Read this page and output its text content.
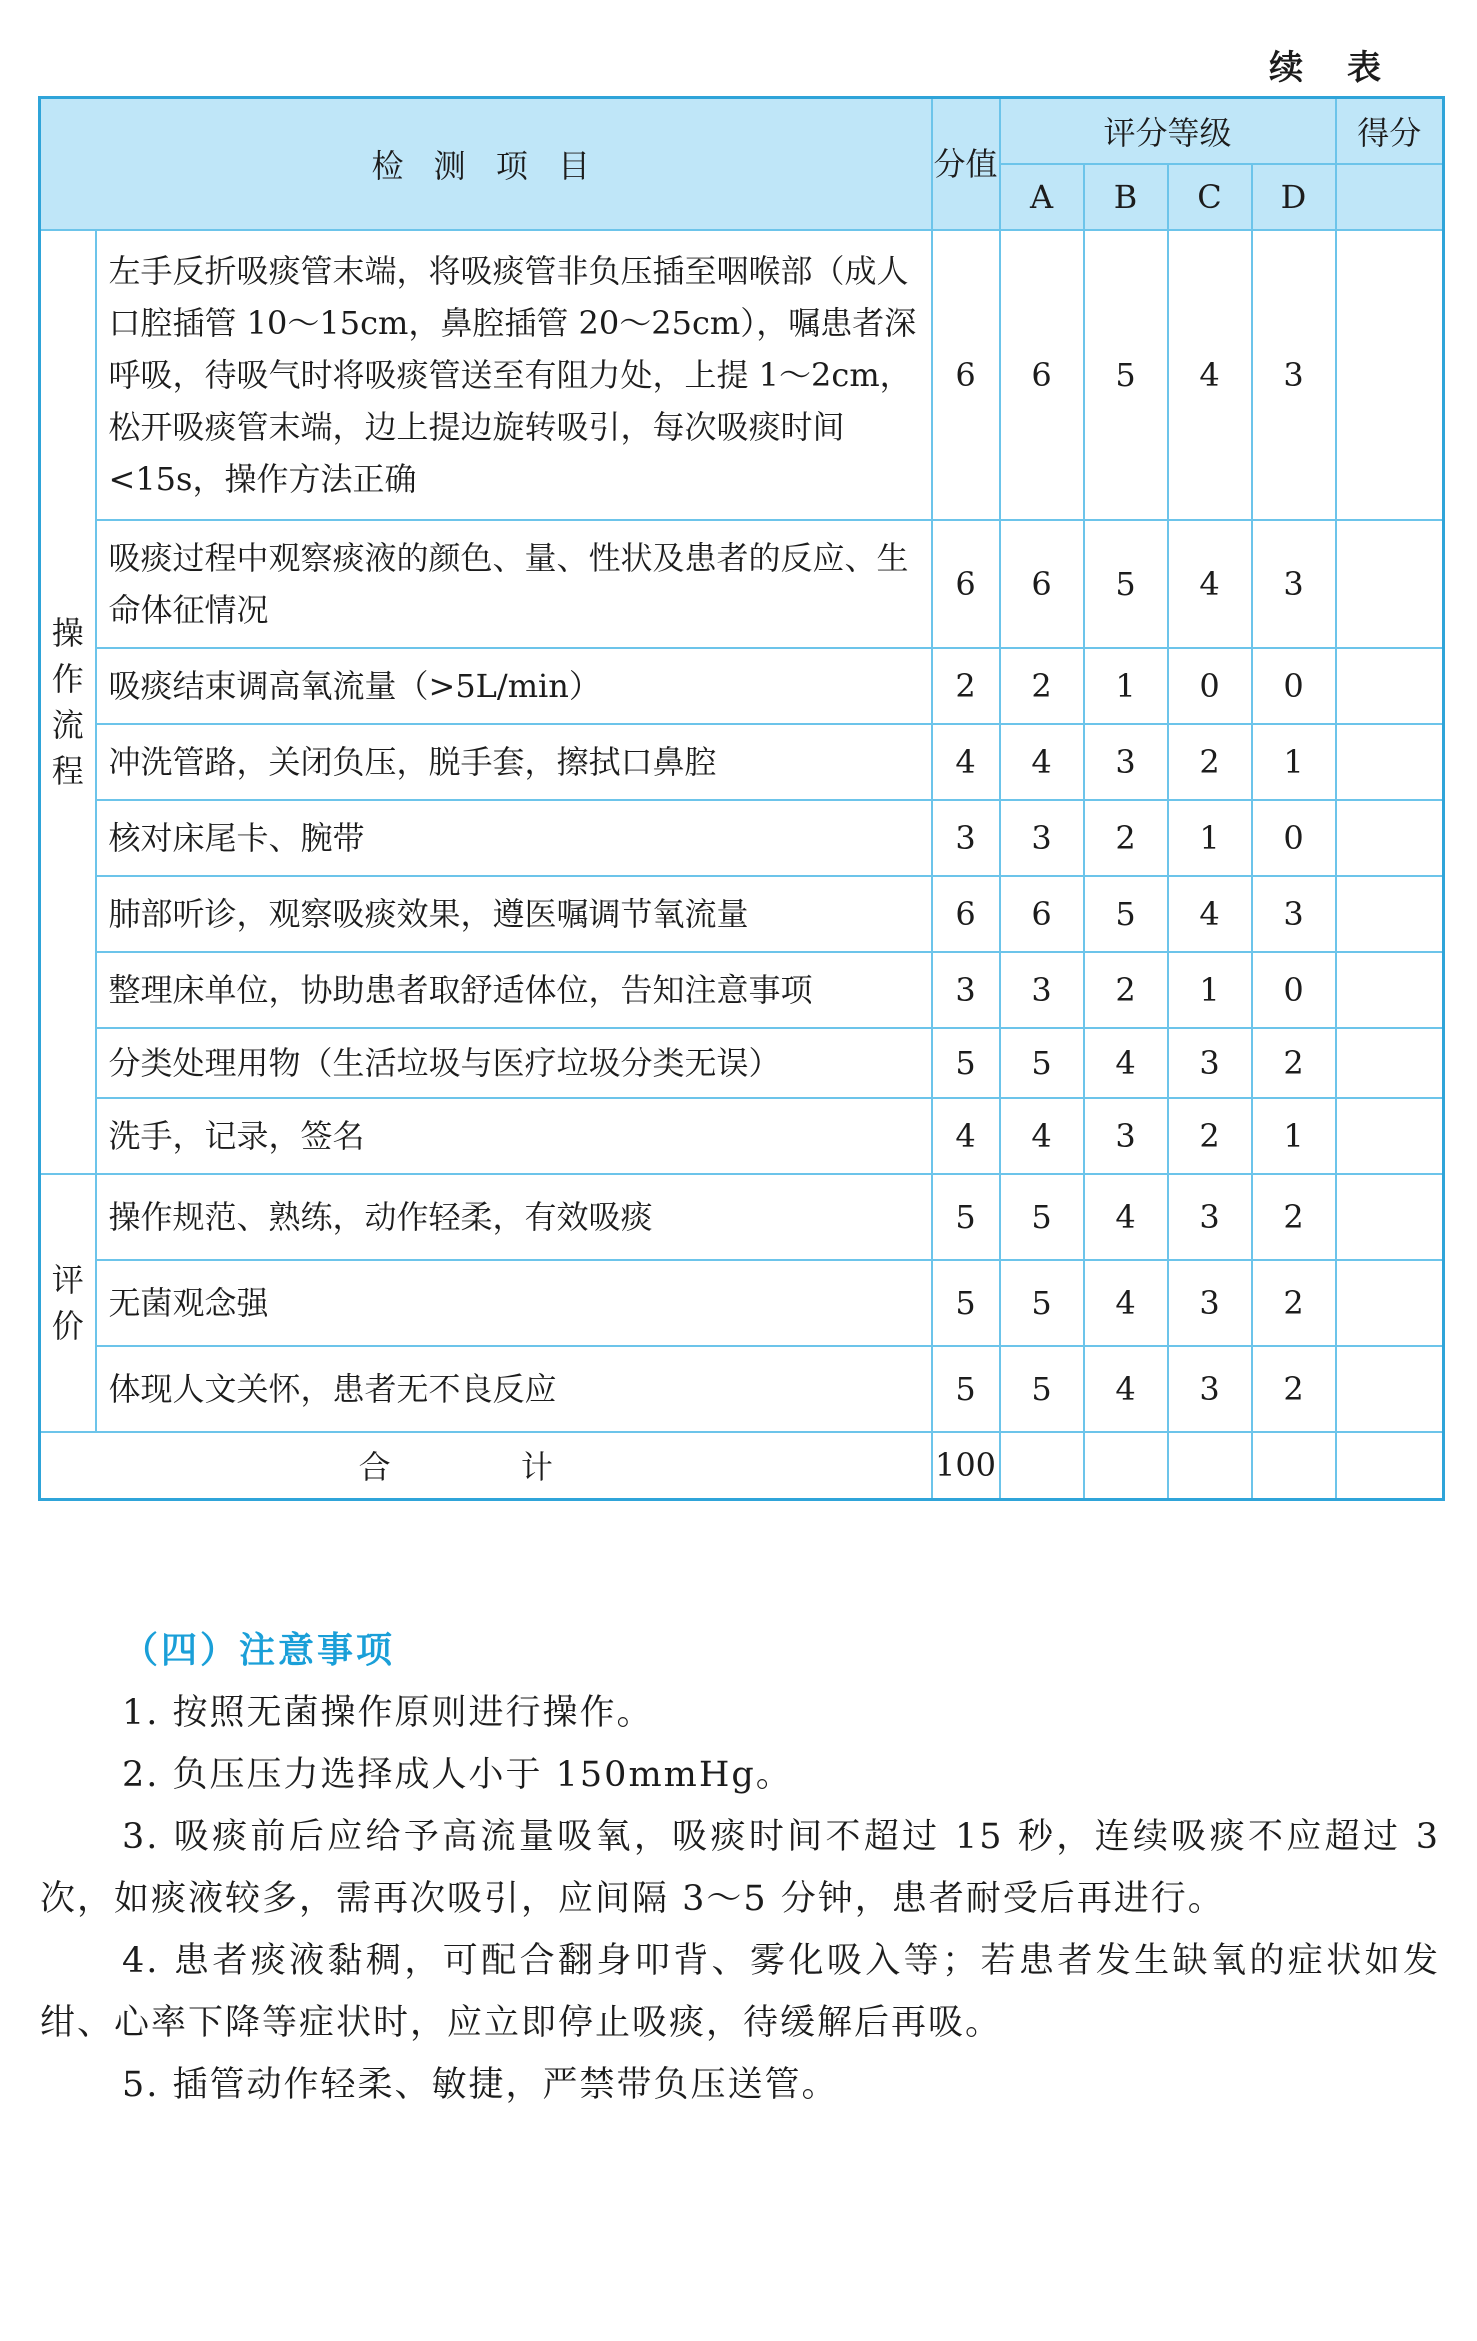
续 表
检 测 项 目		分值	评分等级				得分
			A	B	C	D	

操
作
流
程	左手反折吸痰管末端，将吸痰管非负压插至咽喉部（成人口腔插管 10～15cm，鼻腔插管 20～25cm），嘱患者深呼吸，待吸气时将吸痰管送至有阻力处，上提 1～2cm，松开吸痰管末端，边上提边旋转吸引，每次吸痰时间<15s，操作方法正确	6	6	5	4	3	
	吸痰过程中观察痰液的颜色、量、性状及患者的反应、生命体征情况	6	6	5	4	3	
	吸痰结束调高氧流量（>5L/min）	2	2	1	0	0	
	冲洗管路，关闭负压，脱手套，擦拭口鼻腔	4	4	3	2	1	
	核对床尾卡、腕带	3	3	2	1	0	
	肺部听诊，观察吸痰效果，遵医嘱调节氧流量	6	6	5	4	3	
	整理床单位，协助患者取舒适体位，告知注意事项	3	3	2	1	0	
	分类处理用物（生活垃圾与医疗垃圾分类无误）	5	5	4	3	2	
	洗手，记录，签名	4	4	3	2	1	

评
价	操作规范、熟练，动作轻柔，有效吸痰	5	5	4	3	2	
	无菌观念强	5	5	4	3	2	
	体现人文关怀，患者无不良反应	5	5	4	3	2	
合 计		100					
（四）注意事项

1. 按照无菌操作原则进行操作。

2. 负压压力选择成人小于 150mmHg。

3. 吸痰前后应给予高流量吸氧，吸痰时间不超过 15 秒，连续吸痰不应超过 3 次，如痰液较多，需再次吸引，应间隔 3～5 分钟，患者耐受后再进行。

4. 患者痰液黏稠，可配合翻身叩背、雾化吸入等；若患者发生缺氧的症状如发绀、心率下降等症状时，应立即停止吸痰，待缓解后再吸。

5. 插管动作轻柔、敏捷，严禁带负压送管。
